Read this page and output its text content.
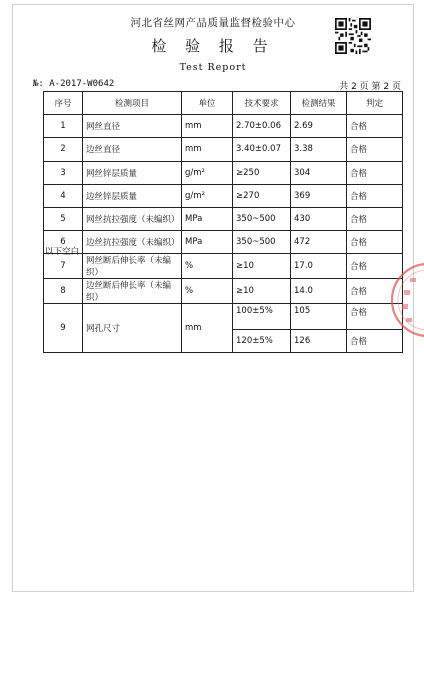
河北省丝网产品质量监督检验中心
检 验 报 告
Test Report
№: A-2017-W0642	共 2 页 第 2 页
序号	检测项目	单位	技术要求	检测结果	判定
1	网丝直径	mm	2.70±0.06	2.69	合格
2	边丝直径	mm	3.40±0.07	3.38	合格
3	网丝锌层质量	g/m²	≥250	304	合格
4	边丝锌层质量	g/m²	≥270	369	合格
5	网丝抗拉强度（未编织）	MPa	350~500	430	合格
6	边丝抗拉强度（未编织）	MPa	350~500	472	合格
7	网丝断后伸长率（未编织）	%	≥10	17.0	合格
8	边丝断后伸长率（未编织）	%	≥10	14.0	合格
9	网孔尺寸	mm	100±5%	105	合格
			120±5%	126	合格
以下空白
